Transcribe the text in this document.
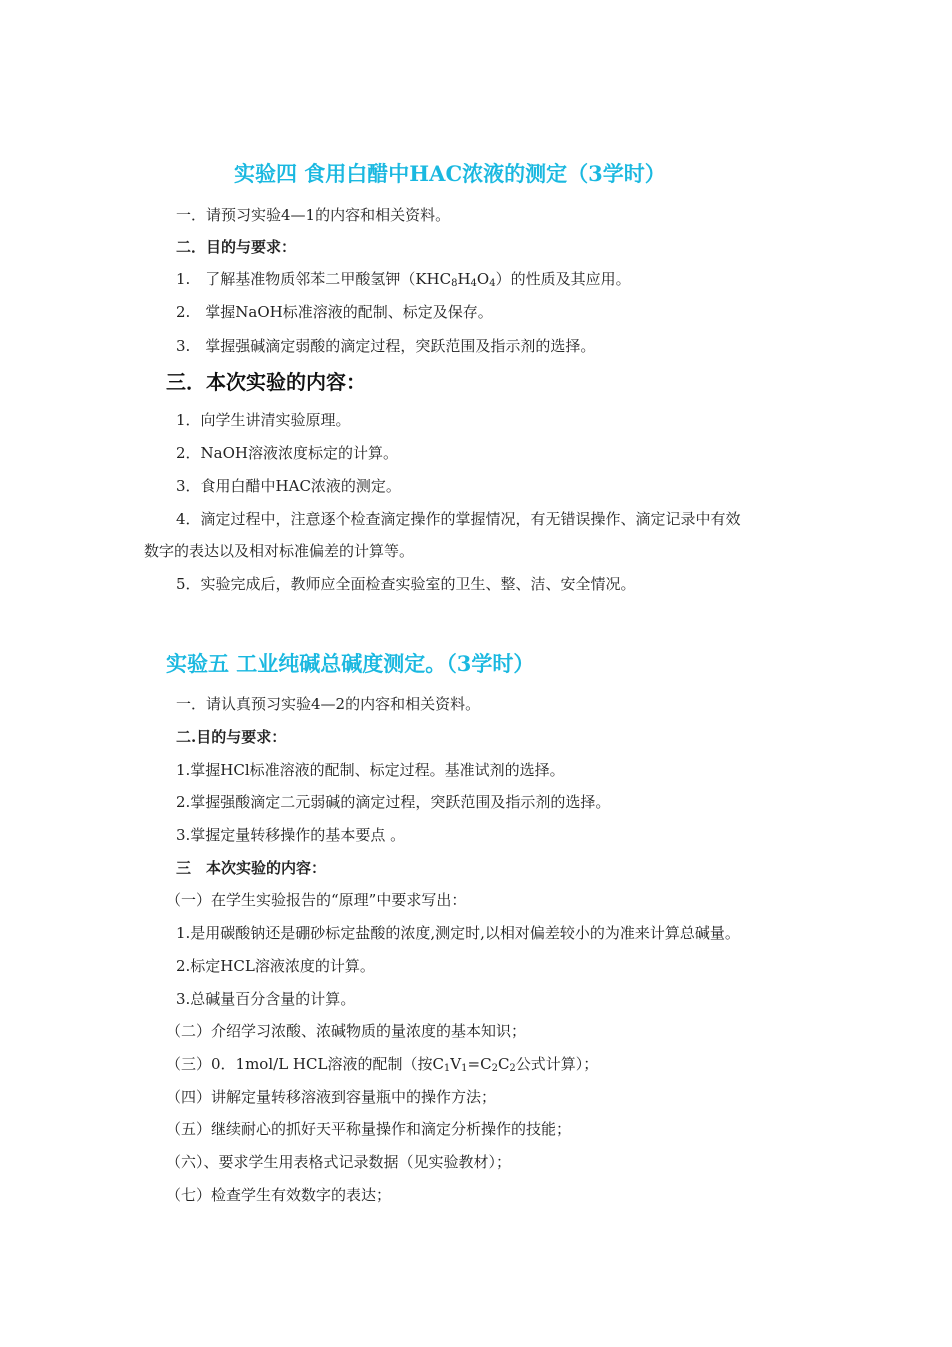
实验四 食用白醋中HAC浓液的测定（3学时）
一．请预习实验4—1的内容和相关资料。
二．目的与要求：
1.　了解基准物质邻苯二甲酸氢钾$(KHC_8H_4O_4)$的性质及其应用。
2.　掌握NaOH标准溶液的配制、标定及保存。
3.　掌握强碱滴定弱酸的滴定过程，突跃范围及指示剂的选择。
三．本次实验的内容：
1．向学生讲清实验原理。
2．NaOH溶液浓度标定的计算。
3．食用白醋中HAC浓液的测定。
4．滴定过程中，注意逐个检查滴定操作的掌握情况，有无错误操作、滴定记录中有效
数字的表达以及相对标准偏差的计算等。
5．实验完成后，教师应全面检查实验室的卫生、整、洁、安全情况。
实验五 工业纯碱总碱度测定。（3学时）
一．请认真预习实验4—2的内容和相关资料。
二.目的与要求：
1.掌握HCl标准溶液的配制、标定过程。基准试剂的选择。
2.掌握强酸滴定二元弱碱的滴定过程，突跃范围及指示剂的选择。
3.掌握定量转移操作的基本要点 。
三　本次实验的内容：
（一）在学生实验报告的“原理”中要求写出：
1.是用碳酸钠还是硼砂标定盐酸的浓度,测定时,以相对偏差较小的为准来计算总碱量。
2.标定HCL溶液浓度的计算。
3.总碱量百分含量的计算。
（二）介绍学习浓酸、浓碱物质的量浓度的基本知识；
（三）0．1mol/L HCL溶液的配制（按$C_1V_1=C_2C_2$公式计算）；
（四）讲解定量转移溶液到容量瓶中的操作方法；
（五）继续耐心的抓好天平称量操作和滴定分析操作的技能；
（六）、要求学生用表格式记录数据（见实验教材）；
（七）检查学生有效数字的表达；
